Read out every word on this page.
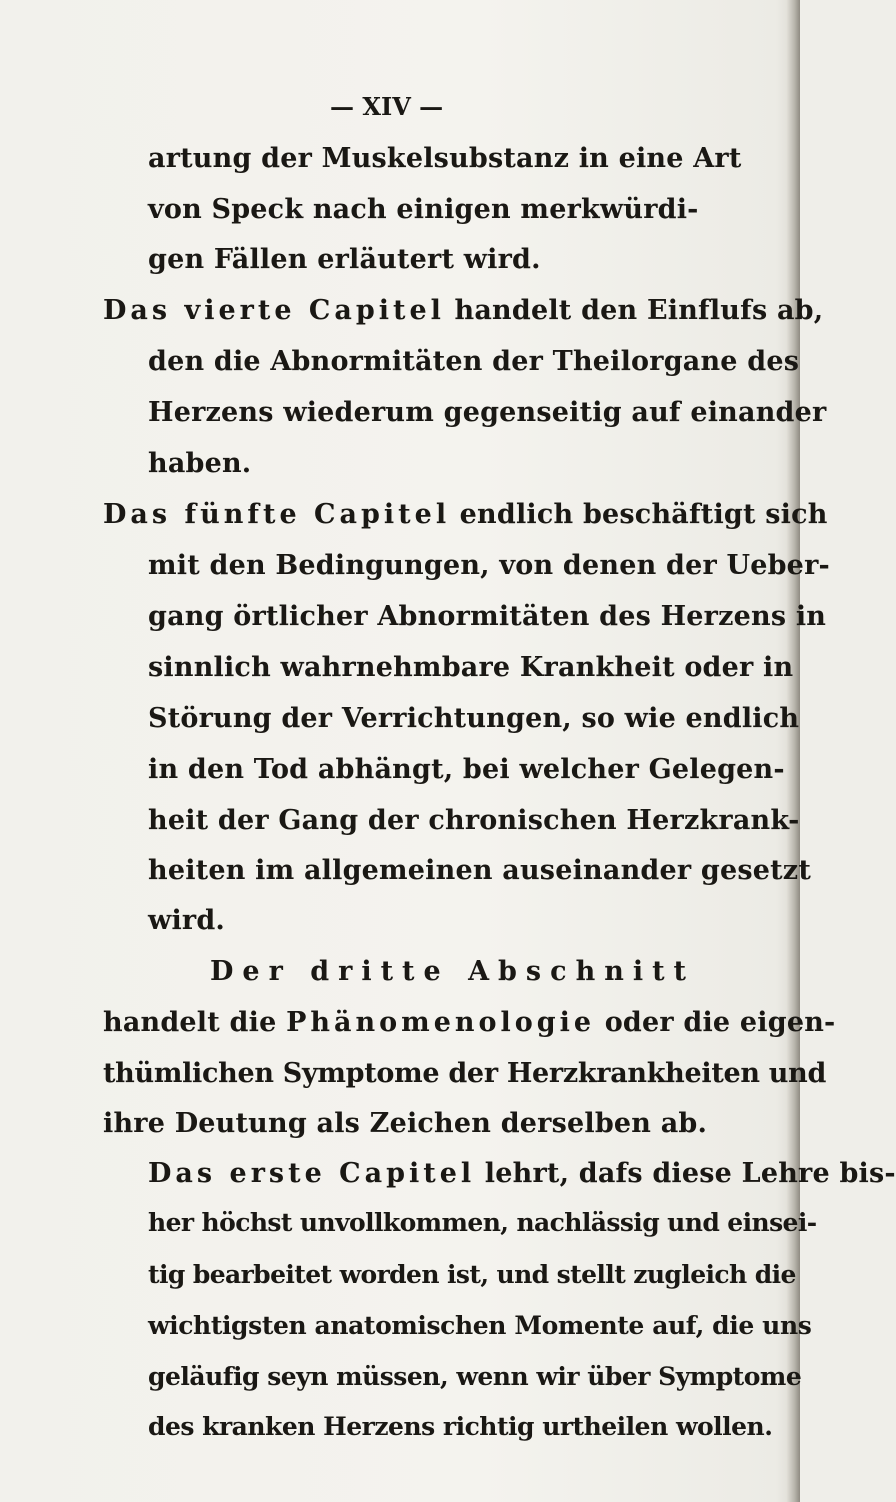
— XIV —
artung der Muskelsubstanz in eine Art
von Speck nach einigen merkwürdi-
gen Fällen erläutert wird.
Das vierte Capitel handelt den Einflufs ab,
den die Abnormitäten der Theilorgane des
Herzens wiederum gegenseitig auf einander
haben.
Das fünfte Capitel endlich beschäftigt sich
mit den Bedingungen, von denen der Ueber-
gang örtlicher Abnormitäten des Herzens in
sinnlich wahrnehmbare Krankheit oder in
Störung der Verrichtungen, so wie endlich
in den Tod abhängt, bei welcher Gelegen-
heit der Gang der chronischen Herzkrank-
heiten im allgemeinen auseinander gesetzt
wird.
Der dritte Abschnitt
handelt die Phänomenologie oder die eigen-
thümlichen Symptome der Herzkrankheiten und
ihre Deutung als Zeichen derselben ab.
Das erste Capitel lehrt, dafs diese Lehre bis-
her höchst unvollkommen, nachlässig und einsei-
tig bearbeitet worden ist, und stellt zugleich die
wichtigsten anatomischen Momente auf, die uns
geläufig seyn müssen, wenn wir über Symptome
des kranken Herzens richtig urtheilen wollen.
